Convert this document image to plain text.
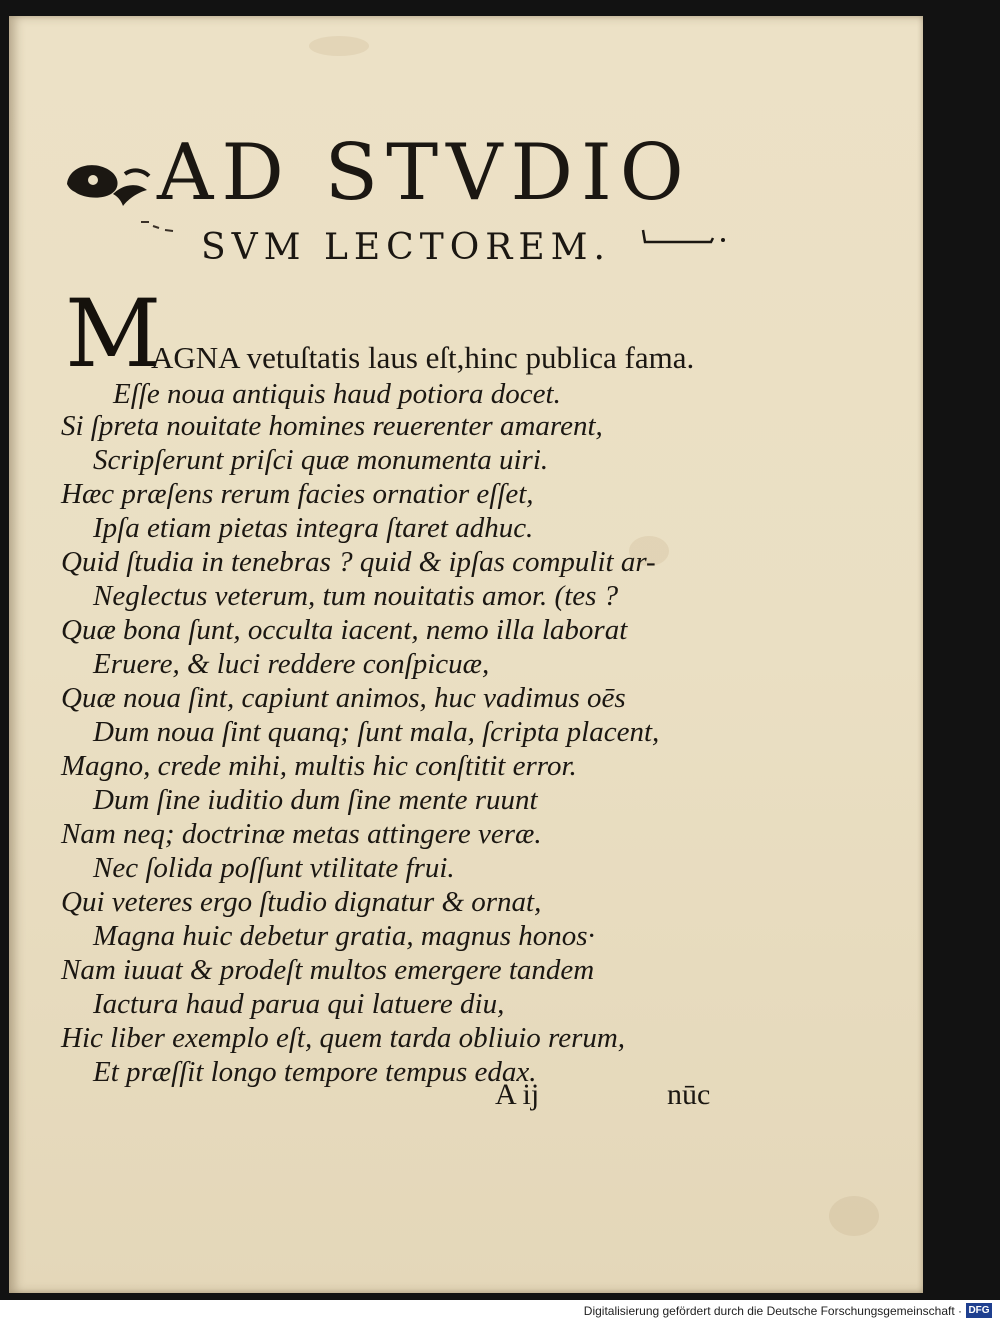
AD STVDIO
SVM LECTOREM.
M
AGNA vetuſtatis laus eſt,hinc publica fama.
Eſſe noua antiquis haud potiora docet.
Si ſpreta nouitate homines reuerenter amarent,
Scripſerunt priſci quæ monumenta uiri.
Hæc præſens rerum facies ornatior eſſet,
Ipſa etiam pietas integra ſtaret adhuc.
Quid ſtudia in tenebras ? quid & ipſas compulit ar-
Neglectus veterum, tum nouitatis amor. (tes ?
Quæ bona ſunt, occulta iacent, nemo illa laborat
Eruere, & luci reddere conſpicuæ,
Quæ noua ſint, capiunt animos, huc vadimus oēs
Dum noua ſint quanq; ſunt mala, ſcripta placent,
Magno, crede mihi, multis hic conſtitit error.
Dum ſine iuditio dum ſine mente ruunt
Nam neq; doctrinæ metas attingere veræ.
Nec ſolida poſſunt vtilitate frui.
Qui veteres ergo ſtudio dignatur & ornat,
Magna huic debetur gratia, magnus honos·
Nam iuuat & prodeſt multos emergere tandem
Iactura haud parua qui latuere diu,
Hic liber exemplo eſt, quem tarda obliuio rerum,
Et præſſit longo tempore tempus edax.
A ij	nūc
Digitalisierung gefördert durch die Deutsche Forschungsgemeinschaft · DFG
